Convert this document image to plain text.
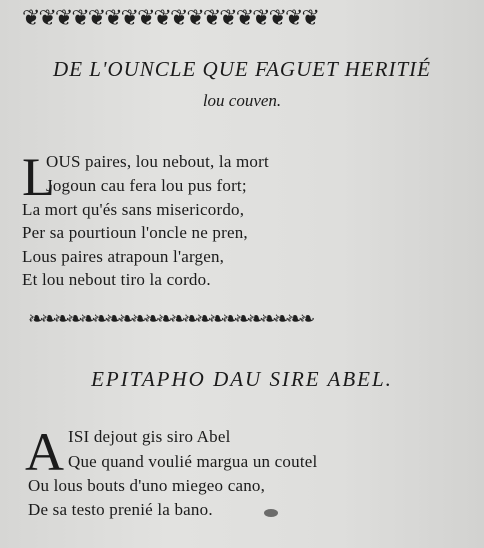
❦❦❦❦❦❦❦❦❦❦❦❦❦❦❦❦❦❦
DE L'OUNCLE QUE FAGUET HERITIÉ
lou couven.
L
OUS paires, lou nebout, la mort
Jogoun cau fera lou pus fort;
La mort qu'és sans misericordo,
Per sa pourtioun l'oncle ne pren,
Lous paires atrapoun l'argen,
Et lou nebout tiro la cordo.
❧❧❧❧❧❧❧❧❧❧❧❧❧❧❧❧❧❧❧❧❧❧
EPITAPHO DAU SIRE ABEL.
A ISI dejout gis siro Abel
Que quand voulié margua un coutel
Ou lous bouts d'uno miegeo cano,
De sa testo prenié la bano.
